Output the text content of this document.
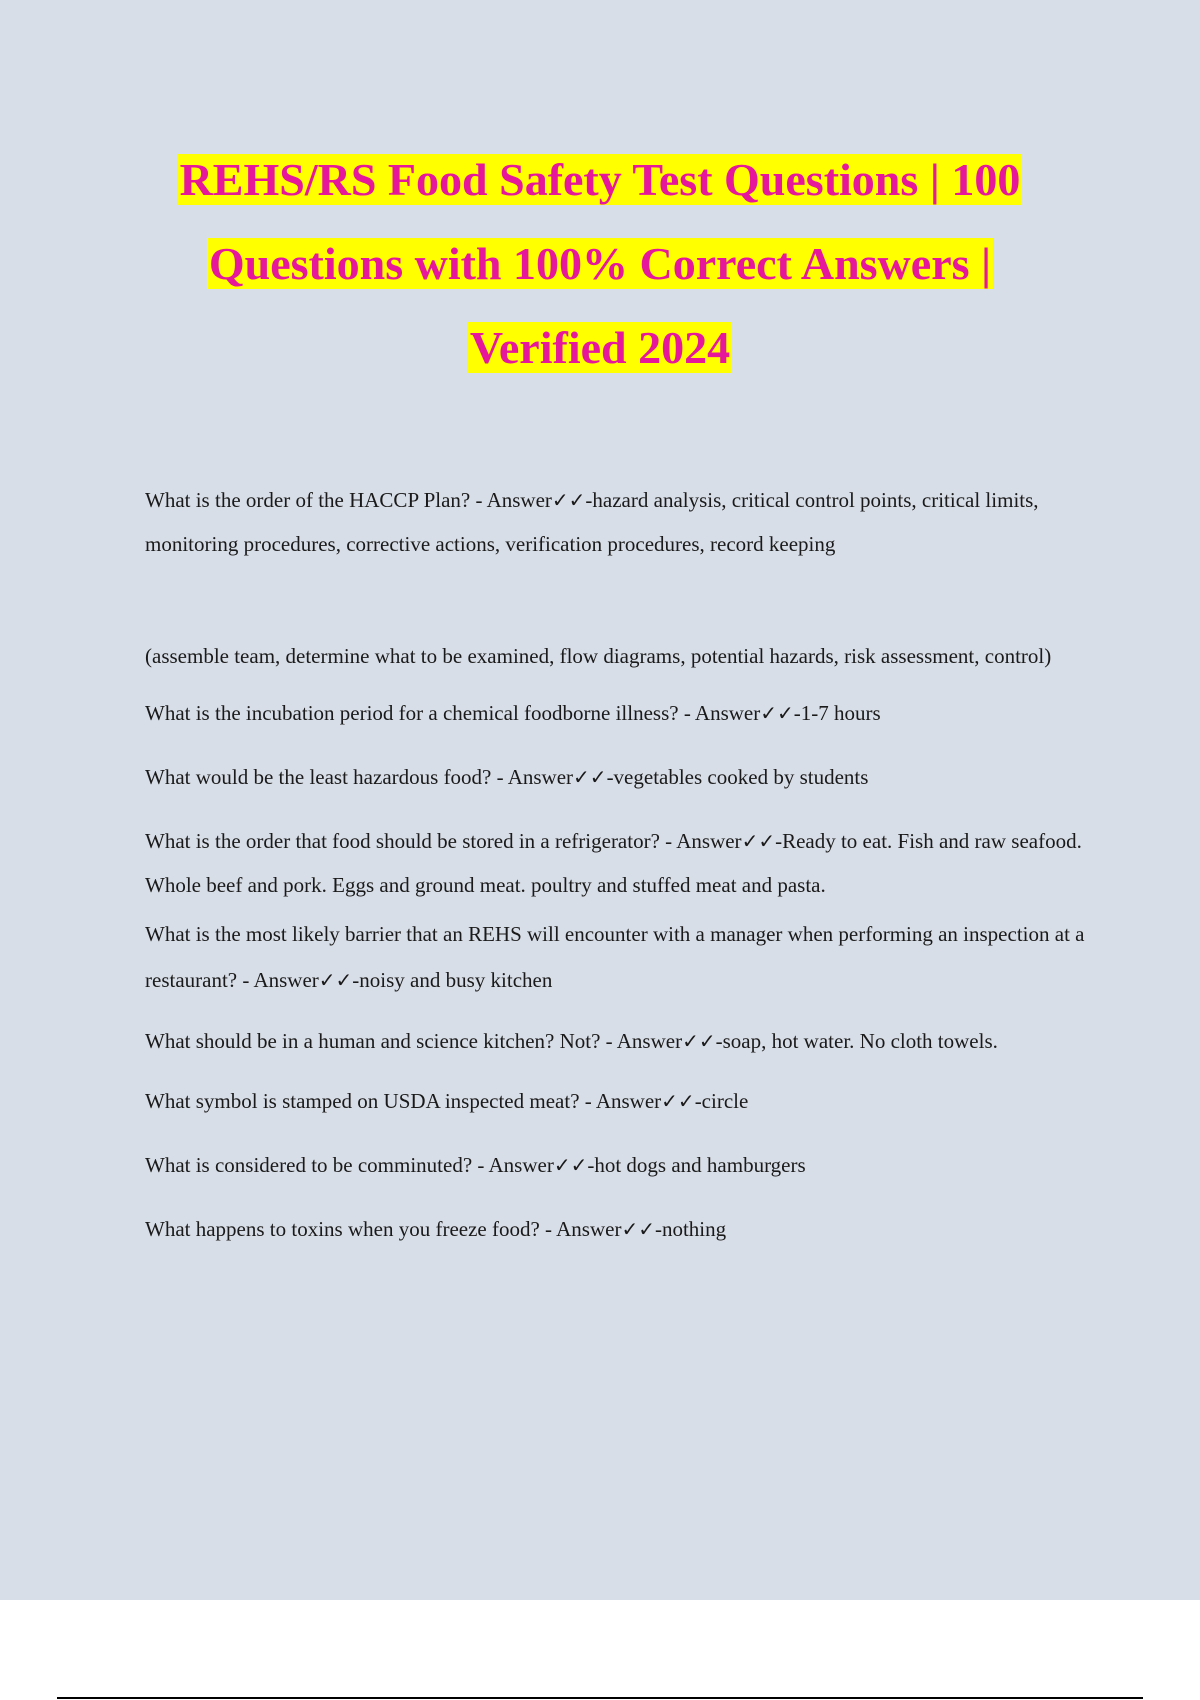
REHS/RS Food Safety Test Questions | 100
Questions with 100% Correct Answers |
Verified 2024

What is the order of the HACCP Plan? - Answer✓✓-hazard analysis, critical control points, critical limits, monitoring procedures, corrective actions, verification procedures, record keeping

(assemble team, determine what to be examined, flow diagrams, potential hazards, risk assessment, control)

What is the incubation period for a chemical foodborne illness? - Answer✓✓-1-7 hours

What would be the least hazardous food? - Answer✓✓-vegetables cooked by students

What is the order that food should be stored in a refrigerator? - Answer✓✓-Ready to eat. Fish and raw seafood. Whole beef and pork. Eggs and ground meat. poultry and stuffed meat and pasta.

What is the most likely barrier that an REHS will encounter with a manager when performing an inspection at a restaurant? - Answer✓✓-noisy and busy kitchen

What should be in a human and science kitchen? Not? - Answer✓✓-soap, hot water. No cloth towels.

What symbol is stamped on USDA inspected meat? - Answer✓✓-circle

What is considered to be comminuted? - Answer✓✓-hot dogs and hamburgers

What happens to toxins when you freeze food? - Answer✓✓-nothing
